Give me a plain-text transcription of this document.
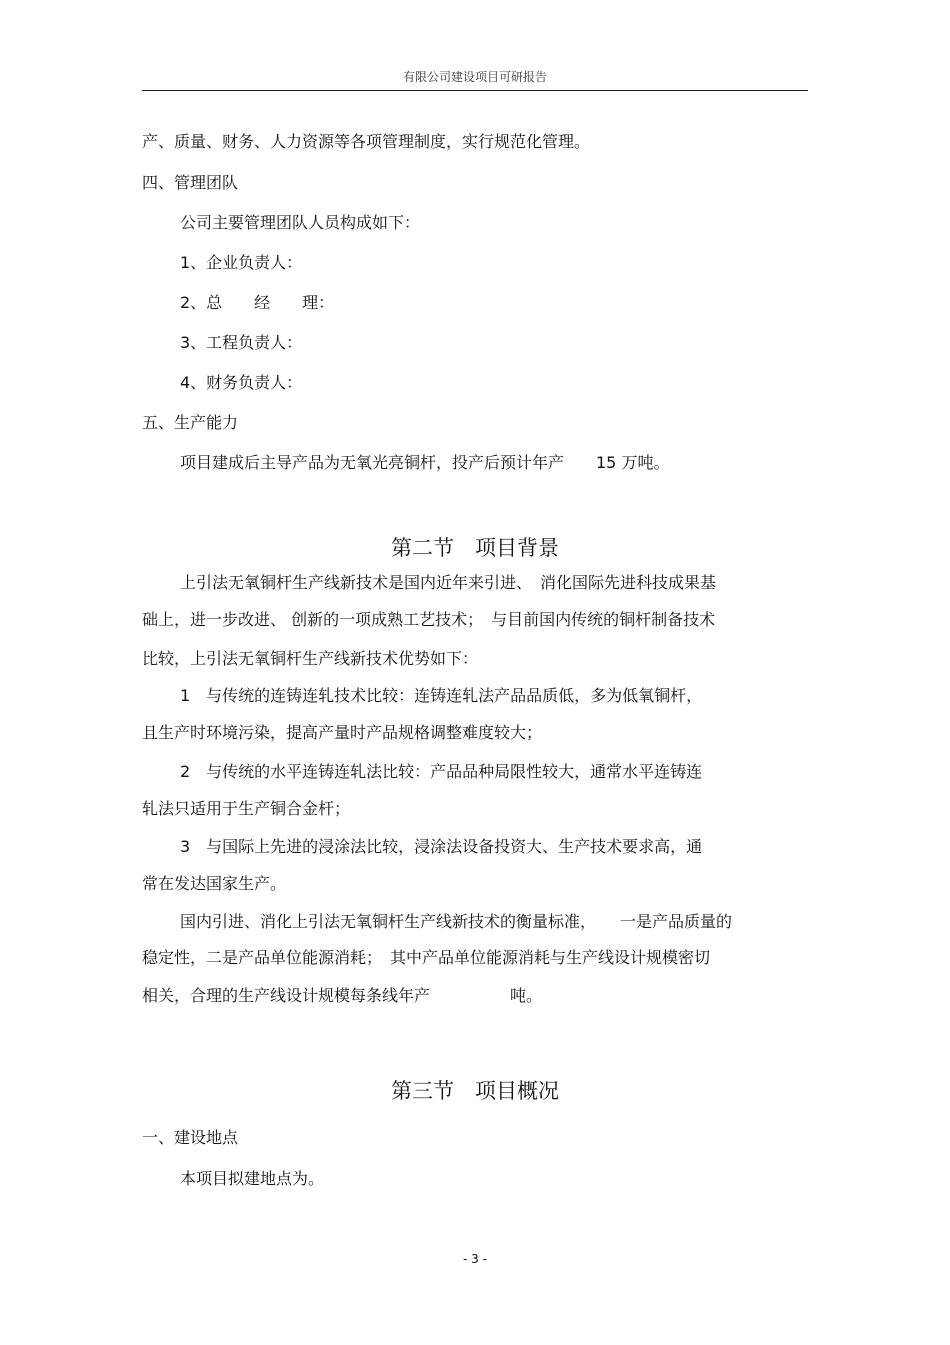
有限公司建设项目可研报告
产、质量、财务、人力资源等各项管理制度，实行规范化管理。
四、管理团队
公司主要管理团队人员构成如下：
1、企业负责人：
2、总　　经　　理：
3、工程负责人：
4、财务负责人：
五、生产能力
项目建成后主导产品为无氧光亮铜杆，投产后预计年产　　15 万吨。
第二节　项目背景
上引法无氧铜杆生产线新技术是国内近年来引进、　消化国际先进科技成果基
础上，进一步改进、 创新的一项成熟工艺技术；　与目前国内传统的铜杆制备技术
比较，上引法无氧铜杆生产线新技术优势如下：
1　与传统的连铸连轧技术比较：连铸连轧法产品品质低，多为低氧铜杆，
且生产时环境污染，提高产量时产品规格调整难度较大；
2　与传统的水平连铸连轧法比较：产品品种局限性较大，通常水平连铸连
轧法只适用于生产铜合金杆；
3　与国际上先进的浸涂法比较，浸涂法设备投资大、生产技术要求高，通
常在发达国家生产。
国内引进、消化上引法无氧铜杆生产线新技术的衡量标准，　　一是产品质量的
稳定性，二是产品单位能源消耗；　其中产品单位能源消耗与生产线设计规模密切
相关，合理的生产线设计规模每条线年产　　　　　吨。
第三节　项目概况
一、建设地点
本项目拟建地点为。
- 3 -
